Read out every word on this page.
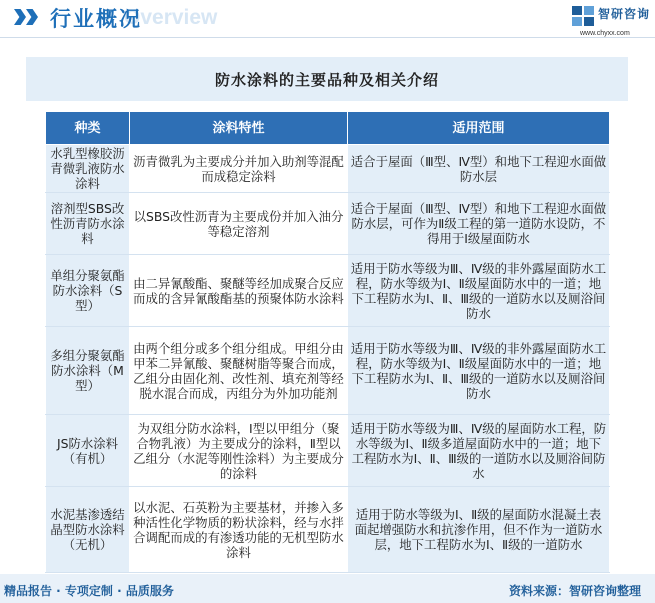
Overview
行业概况	智研咨询
www.chyxx.com
防水涂料的主要品种及相关介绍
种类	涂料特性	适用范围
水乳型橡胶沥青微乳液防水涂料	沥青微乳为主要成分并加入助剂等混配而成稳定涂料	适合于屋面（Ⅲ型、Ⅳ型）和地下工程迎水面做防水层
溶剂型SBS改性沥青防水涂料	以SBS改性沥青为主要成份并加入油分等稳定溶剂	适合于屋面（Ⅲ型、Ⅳ型）和地下工程迎水面做防水层，可作为Ⅱ级工程的第一道防水设防，不得用于Ⅰ级屋面防水
单组分聚氨酯防水涂料（S型）	由二异氰酸酯、聚醚等经加成聚合反应而成的含异氰酸酯基的预聚体防水涂料	适用于防水等级为Ⅲ、Ⅳ级的非外露屋面防水工程，防水等级为Ⅰ、Ⅱ级屋面防水中的一道；地下工程防水为Ⅰ、Ⅱ、Ⅲ级的一道防水以及厕浴间防水
多组分聚氨酯防水涂料（M型）	由两个组分或多个组分组成。甲组分由甲苯二异氰酸、聚醚树脂等聚合而成，乙组分由固化剂、改性剂、填充剂等经脱水混合而成，丙组分为外加功能剂	适用于防水等级为Ⅲ、Ⅳ级的非外露屋面防水工程，防水等级为Ⅰ、Ⅱ级屋面防水中的一道；地下工程防水为Ⅰ、Ⅱ、Ⅲ级的一道防水以及厕浴间防水
JS防水涂料（有机）	为双组分防水涂料，Ⅰ型以甲组分（聚合物乳液）为主要成分的涂料，Ⅱ型以乙组分（水泥等刚性涂料）为主要成分的涂料	适用于防水等级为Ⅲ、Ⅳ级的屋面防水工程，防水等级为Ⅰ、Ⅱ级多道屋面防水中的一道；地下工程防水为Ⅰ、Ⅱ、Ⅲ级的一道防水以及厕浴间防水
水泥基渗透结晶型防水涂料（无机）	以水泥、石英粉为主要基材，并掺入多种活性化学物质的粉状涂料，经与水拌合调配而成的有渗透功能的无机型防水涂料	适用于防水等级为Ⅰ、Ⅱ级的屋面防水混凝土表面起增强防水和抗渗作用，但不作为一道防水层，地下工程防水为Ⅰ、Ⅱ级的一道防水
精品报告 · 专项定制 · 品质服务	资料来源：智研咨询整理
